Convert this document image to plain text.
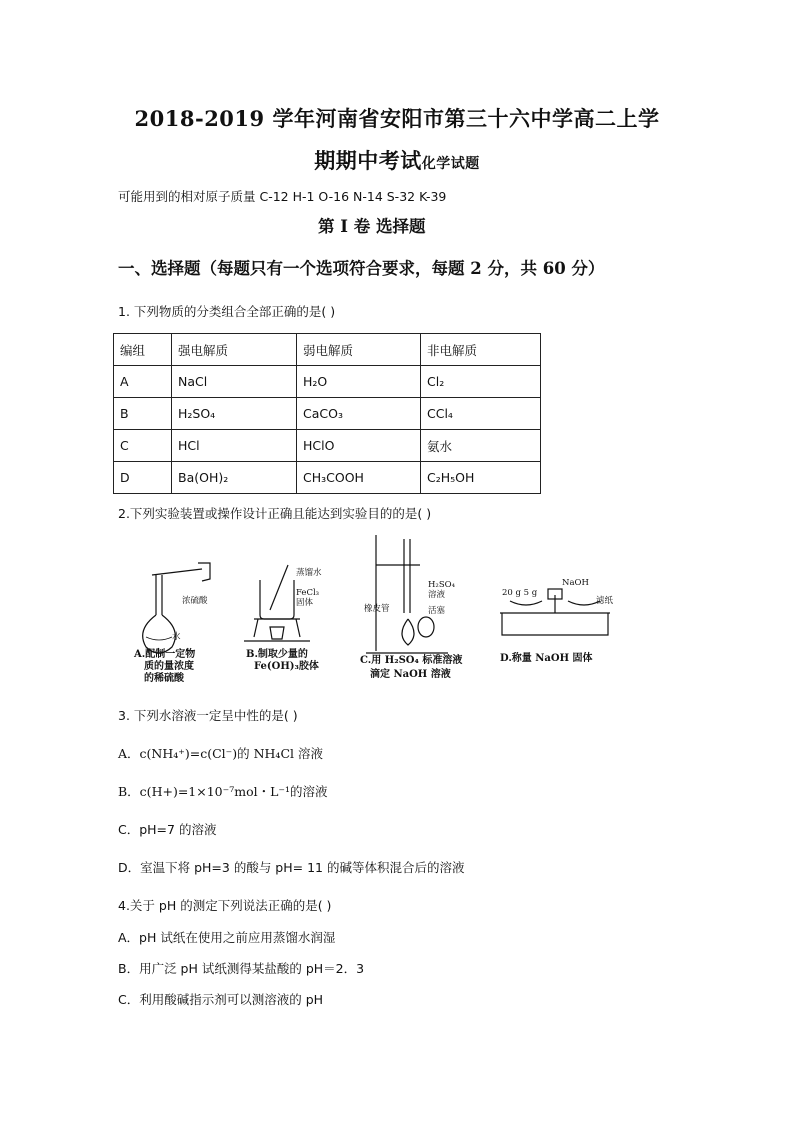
2018-2019 学年河南省安阳市第三十六中学高二上学
期期中考试化学试题
可能用到的相对原子质量 C-12 H-1 O-16 N-14 S-32 K-39
第 I 卷 选择题
一、选择题（每题只有一个选项符合要求，每题 2 分，共 60 分）
1. 下列物质的分类组合全部正确的是( )
编组	强电解质	弱电解质	非电解质
A	NaCl	H₂O	Cl₂
B	H₂SO₄	CaCO₃	CCl₄
C	HCl	HClO	氨水
D	Ba(OH)₂	CH₃COOH	C₂H₅OH
2.下列实验装置或操作设计正确且能达到实验目的的是( )
浓硫酸
水
蒸馏水
FeCl₃
固体
H₂SO₄
溶液
橡皮管	活塞
20 g 5 g
NaOH
滤纸
A.配制一定物
质的量浓度
的稀硫酸
B.制取少量的
Fe(OH)₃胶体
C.用 H₂SO₄ 标准溶液
滴定 NaOH 溶液
D.称量 NaOH 固体
3. 下列水溶液一定呈中性的是( )
A．c(NH₄⁺)=c(Cl⁻)的 NH₄Cl 溶液
B．c(H+)=1×10⁻⁷mol・L⁻¹的溶液
C．pH=7 的溶液
D．室温下将 pH=3 的酸与 pH= 11 的碱等体积混合后的溶液
4.关于 pH 的测定下列说法正确的是( )
A．pH 试纸在使用之前应用蒸馏水润湿
B．用广泛 pH 试纸测得某盐酸的 pH＝2．3
C．利用酸碱指示剂可以测溶液的 pH
